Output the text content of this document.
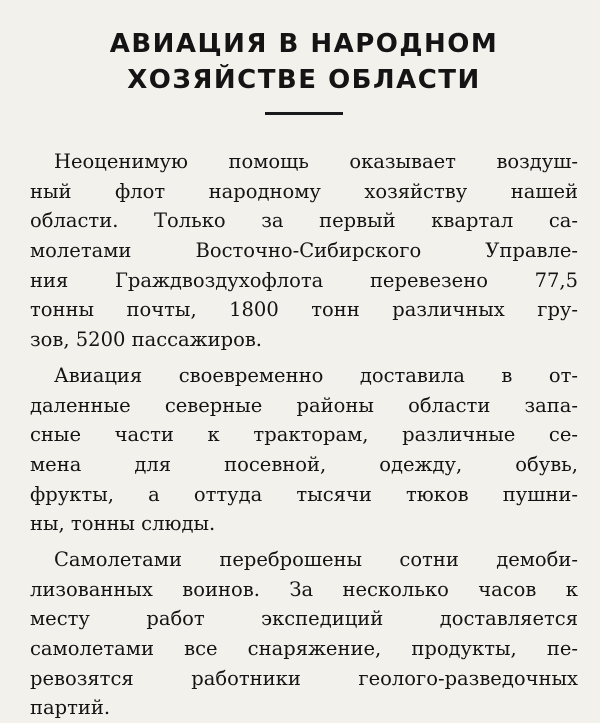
АВИАЦИЯ В НАРОДНОМ
ХОЗЯЙСТВЕ ОБЛАСТИ
Неоценимую помощь оказывает воздуш-
ный флот народному хозяйству нашей
области. Только за первый квартал са-
молетами Восточно-Сибирского Управле-
ния Граждвоздухофлота перевезено 77,5
тонны почты, 1800 тонн различных гру-
зов, 5200 пассажиров.
Авиация своевременно доставила в от-
даленные северные районы области запа-
сные части к тракторам, различные се-
мена для посевной, одежду, обувь,
фрукты, а оттуда тысячи тюков пушни-
ны, тонны слюды.
Самолетами переброшены сотни демоби-
лизованных воинов. За несколько часов к
месту работ экспедиций доставляется
самолетами все снаряжение, продукты, пе-
ревозятся работники геолого-разведочных
партий.
